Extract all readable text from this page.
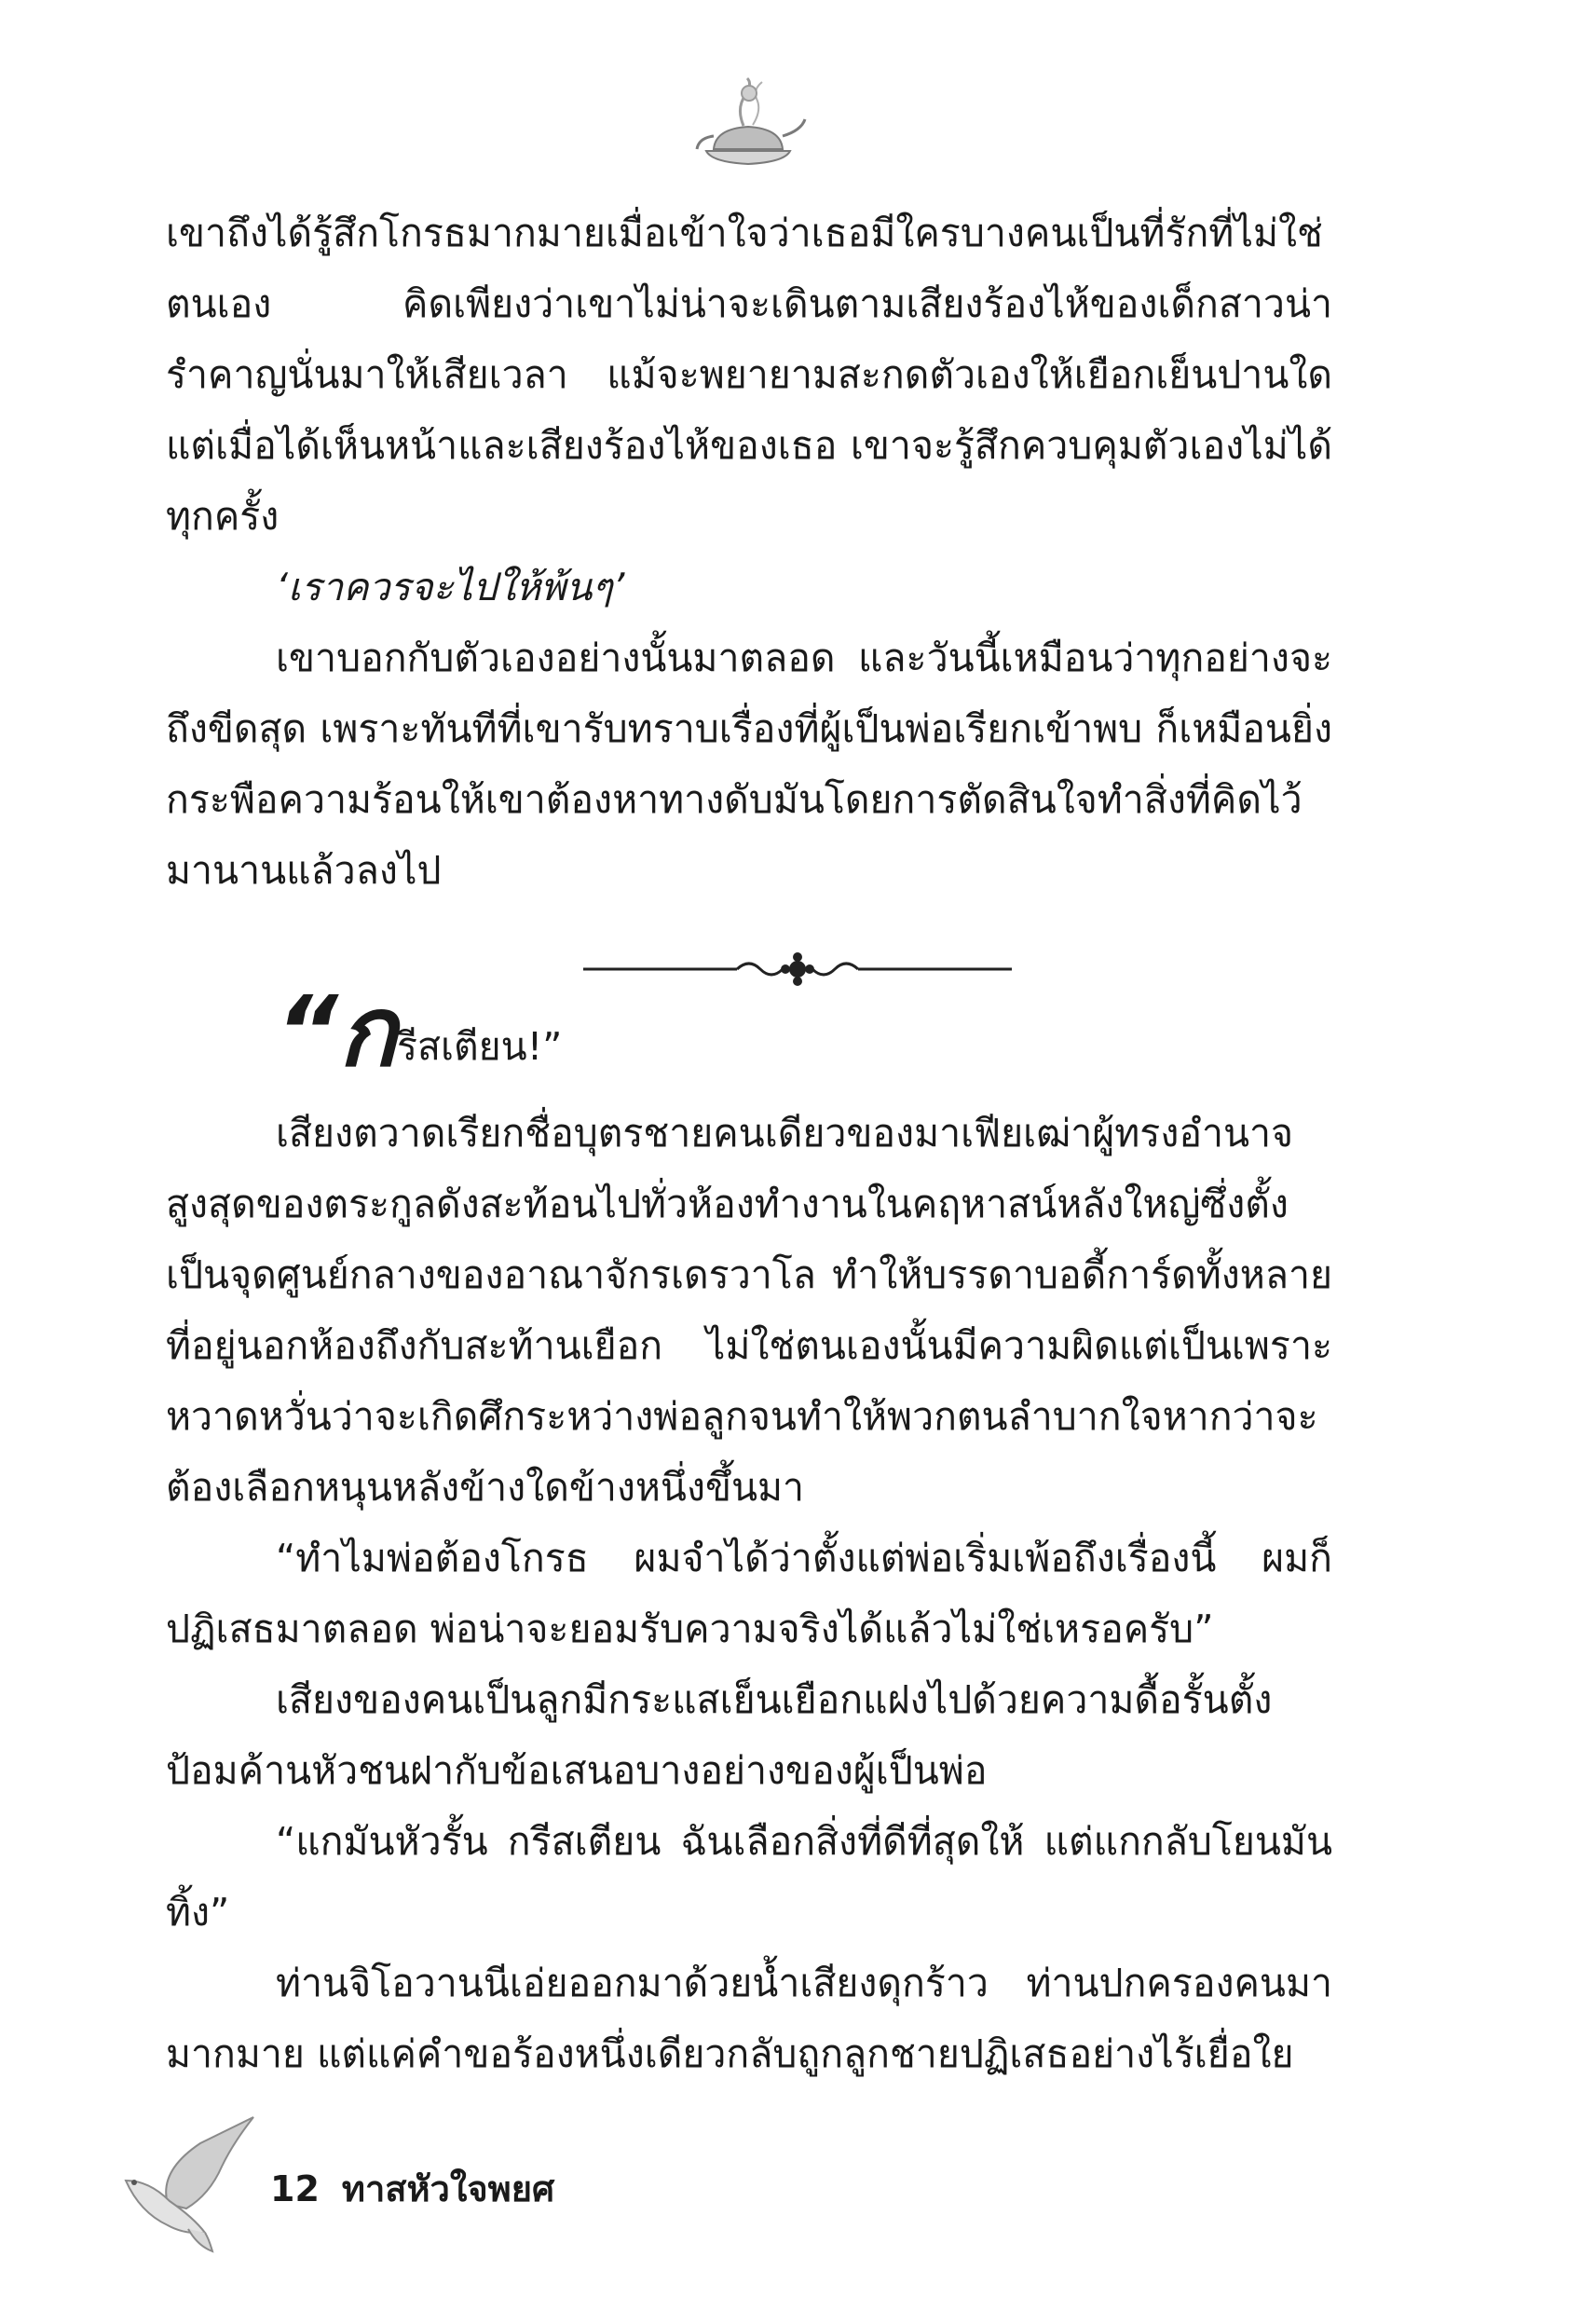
เขาถึงได้รู้สึกโกรธมากมายเมื่อเข้าใจว่าเธอมีใครบางคนเป็นที่รักที่ไม่ใช่ตนเอง คิดเพียงว่าเขาไม่น่าจะเดินตามเสียงร้องไห้ของเด็กสาวน่ารำคาญนั่นมาให้เสียเวลา แม้จะพยายามสะกดตัวเองให้เยือกเย็นปานใด แต่เมื่อได้เห็นหน้าและเสียงร้องไห้ของเธอ เขาจะรู้สึกควบคุมตัวเองไม่ได้ทุกครั้ง

‘เราควรจะไปให้พ้นๆ’

เขาบอกกับตัวเองอย่างนั้นมาตลอด และวันนี้เหมือนว่าทุกอย่างจะถึงขีดสุด เพราะทันทีที่เขารับทราบเรื่องที่ผู้เป็นพ่อเรียกเข้าพบ ก็เหมือนยิ่งกระพือความร้อนให้เขาต้องหาทางดับมันโดยการตัดสินใจทำสิ่งที่คิดไว้มานานแล้วลงไป

“กรีสเตียน!”

เสียงตวาดเรียกชื่อบุตรชายคนเดียวของมาเฟียเฒ่าผู้ทรงอำนาจสูงสุดของตระกูลดังสะท้อนไปทั่วห้องทำงานในคฤหาสน์หลังใหญ่ซึ่งตั้งเป็นจุดศูนย์กลางของอาณาจักรเดรวาโล ทำให้บรรดาบอดี้การ์ดทั้งหลายที่อยู่นอกห้องถึงกับสะท้านเยือก ไม่ใช่ตนเองนั้นมีความผิดแต่เป็นเพราะหวาดหวั่นว่าจะเกิดศึกระหว่างพ่อลูกจนทำให้พวกตนลำบากใจหากว่าจะต้องเลือกหนุนหลังข้างใดข้างหนึ่งขึ้นมา

“ทำไมพ่อต้องโกรธ ผมจำได้ว่าตั้งแต่พ่อเริ่มเพ้อถึงเรื่องนี้ ผมก็ปฏิเสธมาตลอด พ่อน่าจะยอมรับความจริงได้แล้วไม่ใช่เหรอครับ”

เสียงของคนเป็นลูกมีกระแสเย็นเยือกแฝงไปด้วยความดื้อรั้นตั้งป้อมค้านหัวชนฝากับข้อเสนอบางอย่างของผู้เป็นพ่อ

“แกมันหัวรั้น กรีสเตียน ฉันเลือกสิ่งที่ดีที่สุดให้ แต่แกกลับโยนมันทิ้ง”

ท่านจิโอวานนีเอ่ยออกมาด้วยน้ำเสียงดุกร้าว ท่านปกครองคนมามากมาย แต่แค่คำขอร้องหนึ่งเดียวกลับถูกลูกชายปฏิเสธอย่างไร้เยื่อใย

12 ทาสหัวใจพยศ
